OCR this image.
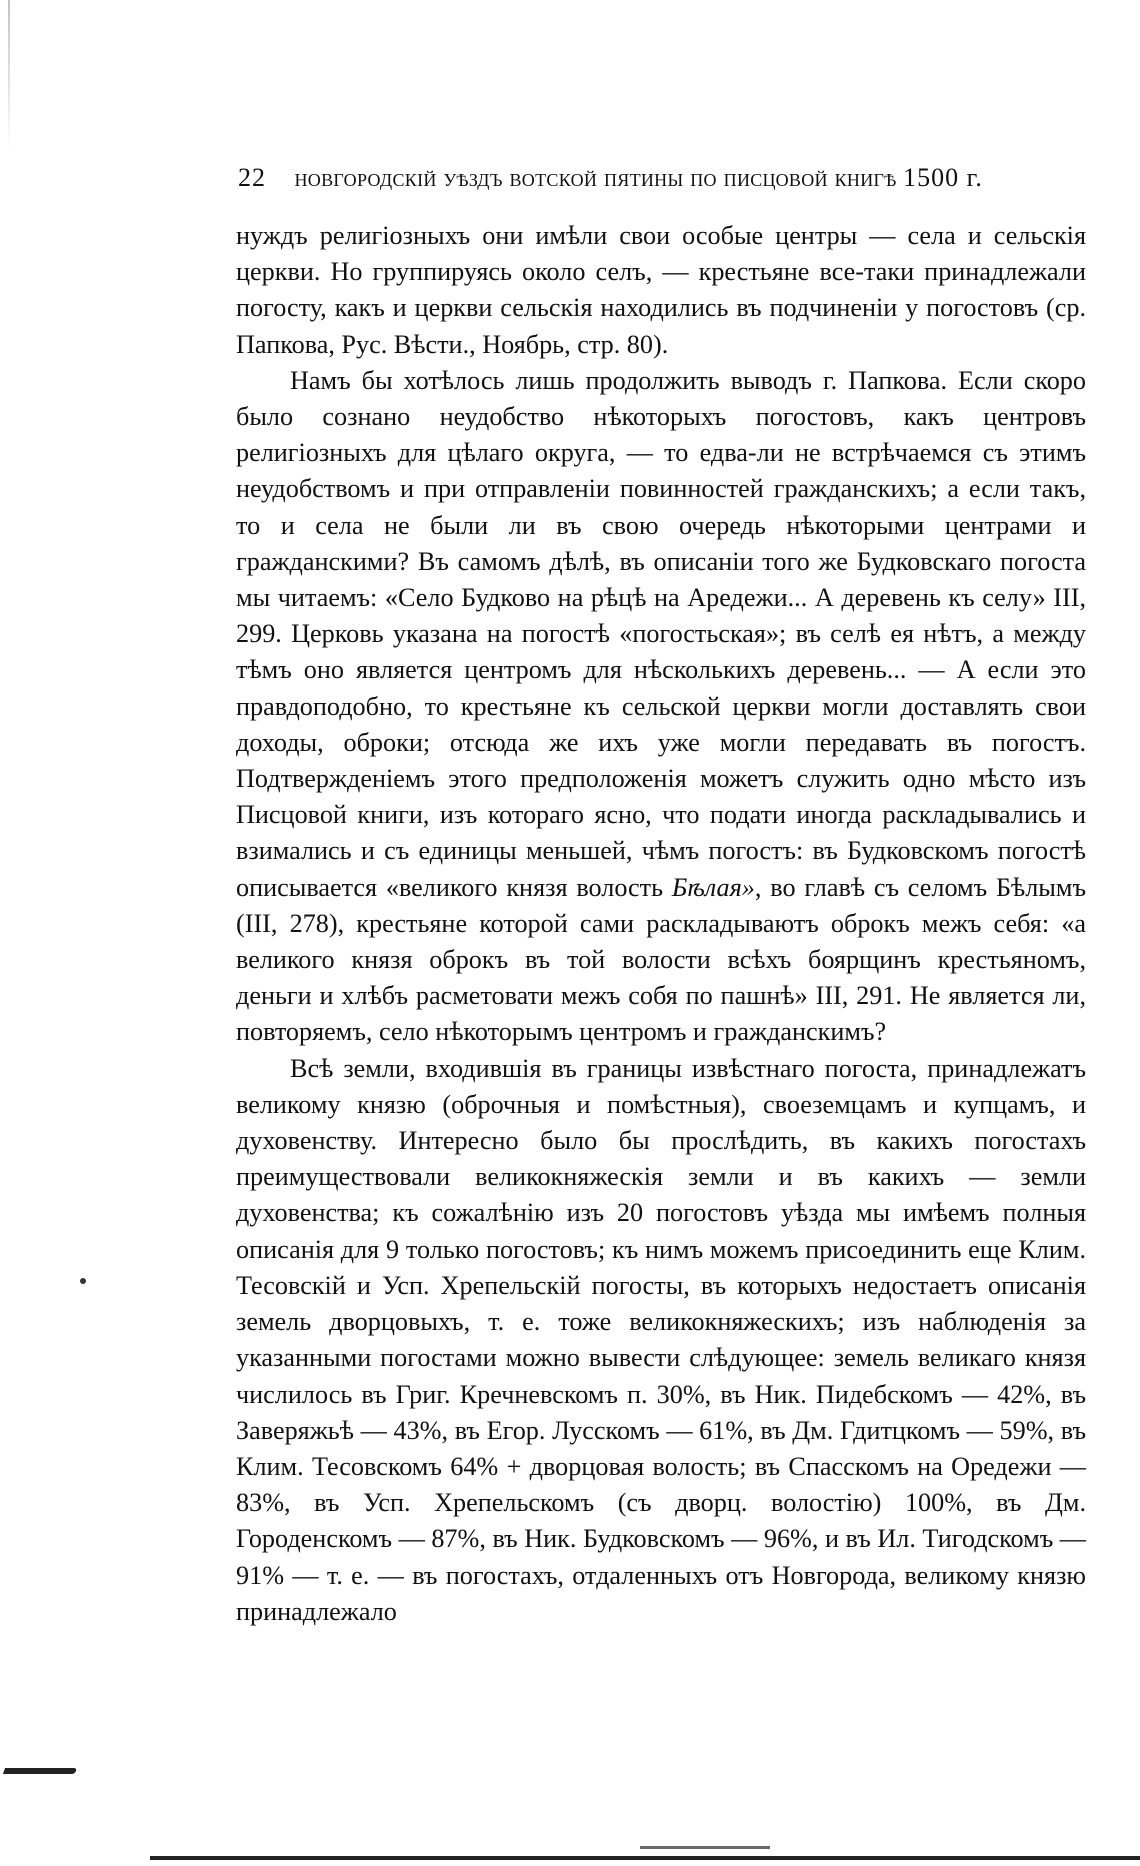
22 новгородскій уѣздъ вотской пятины по писцовой книгѣ 1500 г.

нуждъ религіозныхъ они имѣли свои особые центры — села и сельскія церкви. Но группируясь около селъ, — крестьяне все-таки принадлежали погосту, какъ и церкви сельскія находились въ подчиненіи у погостовъ (ср. Папкова, Рус. Вѣсти., Ноябрь, стр. 80).

Намъ бы хотѣлось лишь продолжить выводъ г. Папкова. Если скоро было сознано неудобство нѣкоторыхъ погостовъ, какъ центровъ религіозныхъ для цѣлаго округа, — то едва-ли не встрѣчаемся съ этимъ неудобствомъ и при отправленіи повинностей гражданскихъ; а если такъ, то и села не были ли въ свою очередь нѣкоторыми центрами и гражданскими? Въ самомъ дѣлѣ, въ описаніи того же Будковскаго погоста мы читаемъ: «Село Будково на рѣцѣ на Аредежи... А деревень къ селу» III, 299. Церковь указана на погостѣ «погостьская»; въ селѣ ея нѣтъ, а между тѣмъ оно является центромъ для нѣсколькихъ деревень... — А если это правдоподобно, то крестьяне къ сельской церкви могли доставлять свои доходы, оброки; отсюда же ихъ уже могли передавать въ погостъ. Подтвержденіемъ этого предположенія можетъ служить одно мѣсто изъ Писцовой книги, изъ котораго ясно, что подати иногда раскладывались и взимались и съ единицы меньшей, чѣмъ погостъ: въ Будковскомъ погостѣ описывается «великого князя волость Бѣлая», во главѣ съ селомъ Бѣлымъ (III, 278), крестьяне которой сами раскладываютъ оброкъ межъ себя: «а великого князя оброкъ въ той волости всѣхъ боярщинъ крестьяномъ, деньги и хлѣбъ расметовати межъ собя по пашнѣ» III, 291. Не является ли, повторяемъ, село нѣкоторымъ центромъ и гражданскимъ?

Всѣ земли, входившія въ границы извѣстнаго погоста, принадлежатъ великому князю (оброчныя и помѣстныя), своеземцамъ и купцамъ, и духовенству. Интересно было бы прослѣдить, въ какихъ погостахъ преимуществовали великокняжескія земли и въ какихъ — земли духовенства; къ сожалѣнію изъ 20 погостовъ уѣзда мы имѣемъ полныя описанія для 9 только погостовъ; къ нимъ можемъ присоединить еще Клим. Тесовскій и Усп. Хрепельскій погосты, въ которыхъ недостаетъ описанія земель дворцовыхъ, т. е. тоже великокняжескихъ; изъ наблюденія за указанными погостами можно вывести слѣдующее: земель великаго князя числилось въ Григ. Кречневскомъ п. 30%, въ Ник. Пидебскомъ — 42%, въ Заверяжьѣ — 43%, въ Егор. Лусскомъ — 61%, въ Дм. Гдитцкомъ — 59%, въ Клим. Тесовскомъ 64% + дворцовая волость; въ Спасскомъ на Оредежи — 83%, въ Усп. Хрепельскомъ (съ дворц. волостію) 100%, въ Дм. Городенскомъ — 87%, въ Ник. Будковскомъ — 96%, и въ Ил. Тигодскомъ — 91% — т. е. — въ погостахъ, отдаленныхъ отъ Новгорода, великому князю принадлежало
